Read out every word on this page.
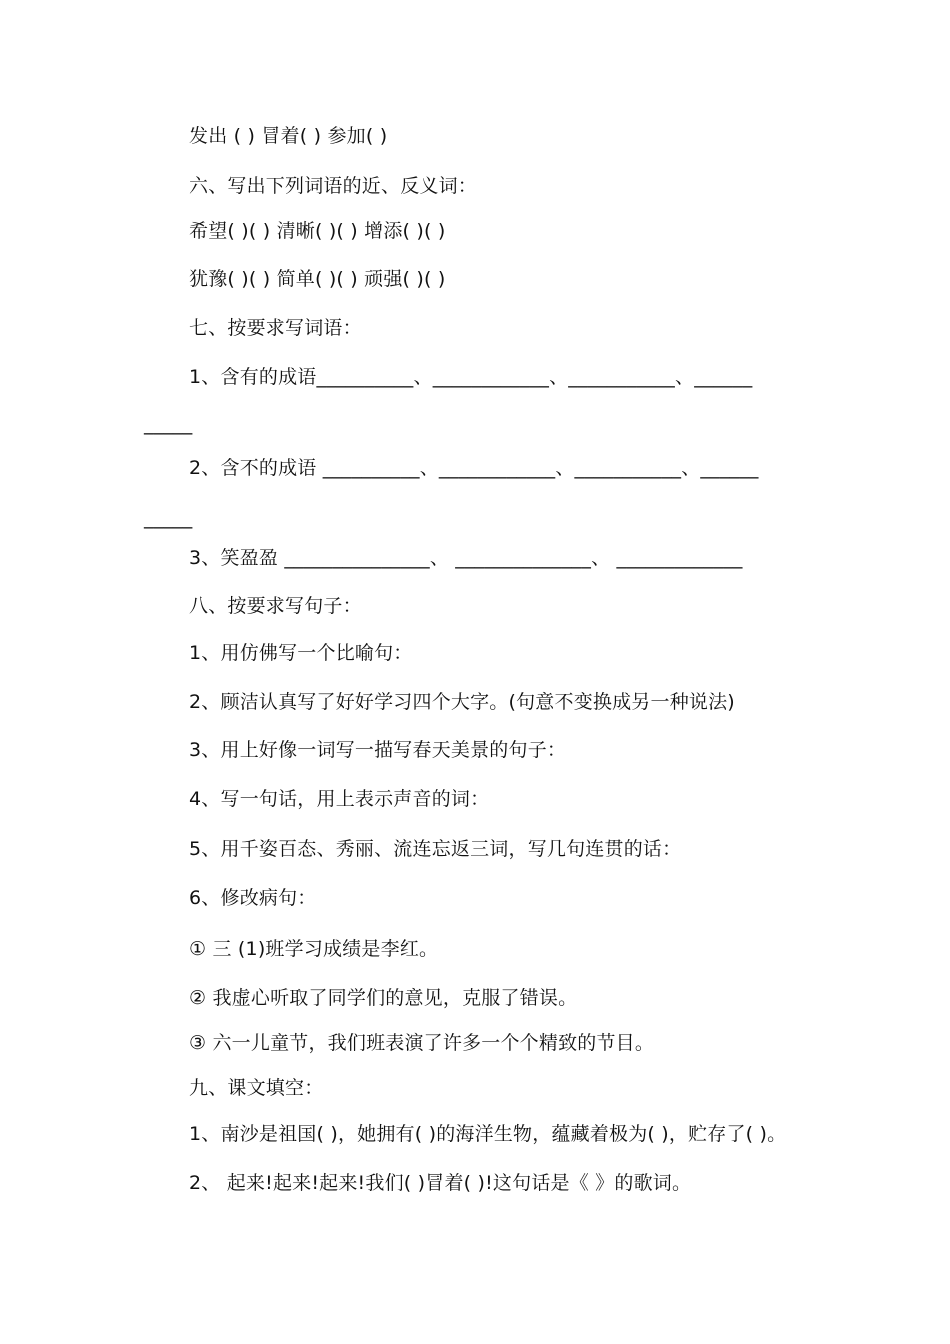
发出 ( ) 冒着( ) 参加( )
六、写出下列词语的近、反义词：
希望( )( ) 清晰( )( ) 增添( )( )
犹豫( )( ) 简单( )( ) 顽强( )( )
七、按要求写词语：
1、含有的成语__________、____________、___________、______
_____
2、含不的成语 __________、____________、___________、______
_____
3、笑盈盈 _______________、 ______________、 _____________
八、按要求写句子：
1、用仿佛写一个比喻句：
2、顾洁认真写了好好学习四个大字。(句意不变换成另一种说法)
3、用上好像一词写一描写春天美景的句子：
4、写一句话，用上表示声音的词：
5、用千姿百态、秀丽、流连忘返三词，写几句连贯的话：
6、修改病句：
① 三 (1)班学习成绩是李红。
② 我虚心听取了同学们的意见，克服了错误。
③ 六一儿童节，我们班表演了许多一个个精致的节目。
九、课文填空：
1、南沙是祖国( )，她拥有( )的海洋生物，蕴藏着极为( )，贮存了( )。
2、 起来!起来!起来!我们( )冒着( )!这句话是《 》的歌词。
